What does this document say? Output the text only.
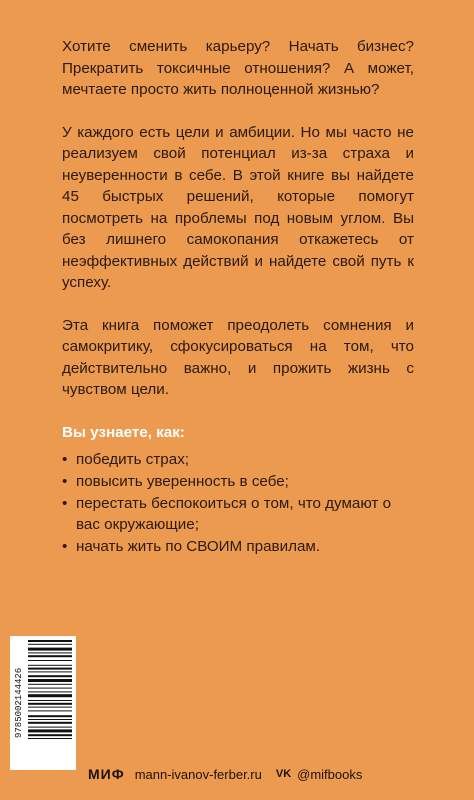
Хотите сменить карьеру? Начать бизнес? Прекратить токсичные отношения? А может, мечтаете просто жить полноценной жизнью?

У каждого есть цели и амбиции. Но мы часто не реализуем свой потенциал из-за страха и неуверенности в себе. В этой книге вы найдете 45 быстрых решений, которые помогут посмотреть на проблемы под новым углом. Вы без лишнего самокопания откажетесь от неэффективных действий и найдете свой путь к успеху.

Эта книга поможет преодолеть сомнения и самокритику, сфокусироваться на том, что действительно важно, и прожить жизнь с чувством цели.

Вы узнаете, как:

• победить страх;
• повысить уверенность в себе;
• перестать беспокоиться о том, что думают о вас окружающие;
• начать жить по СВОИМ правилам.
9785002144426
МИФ mann-ivanov-ferber.ru VK @mifbooks
